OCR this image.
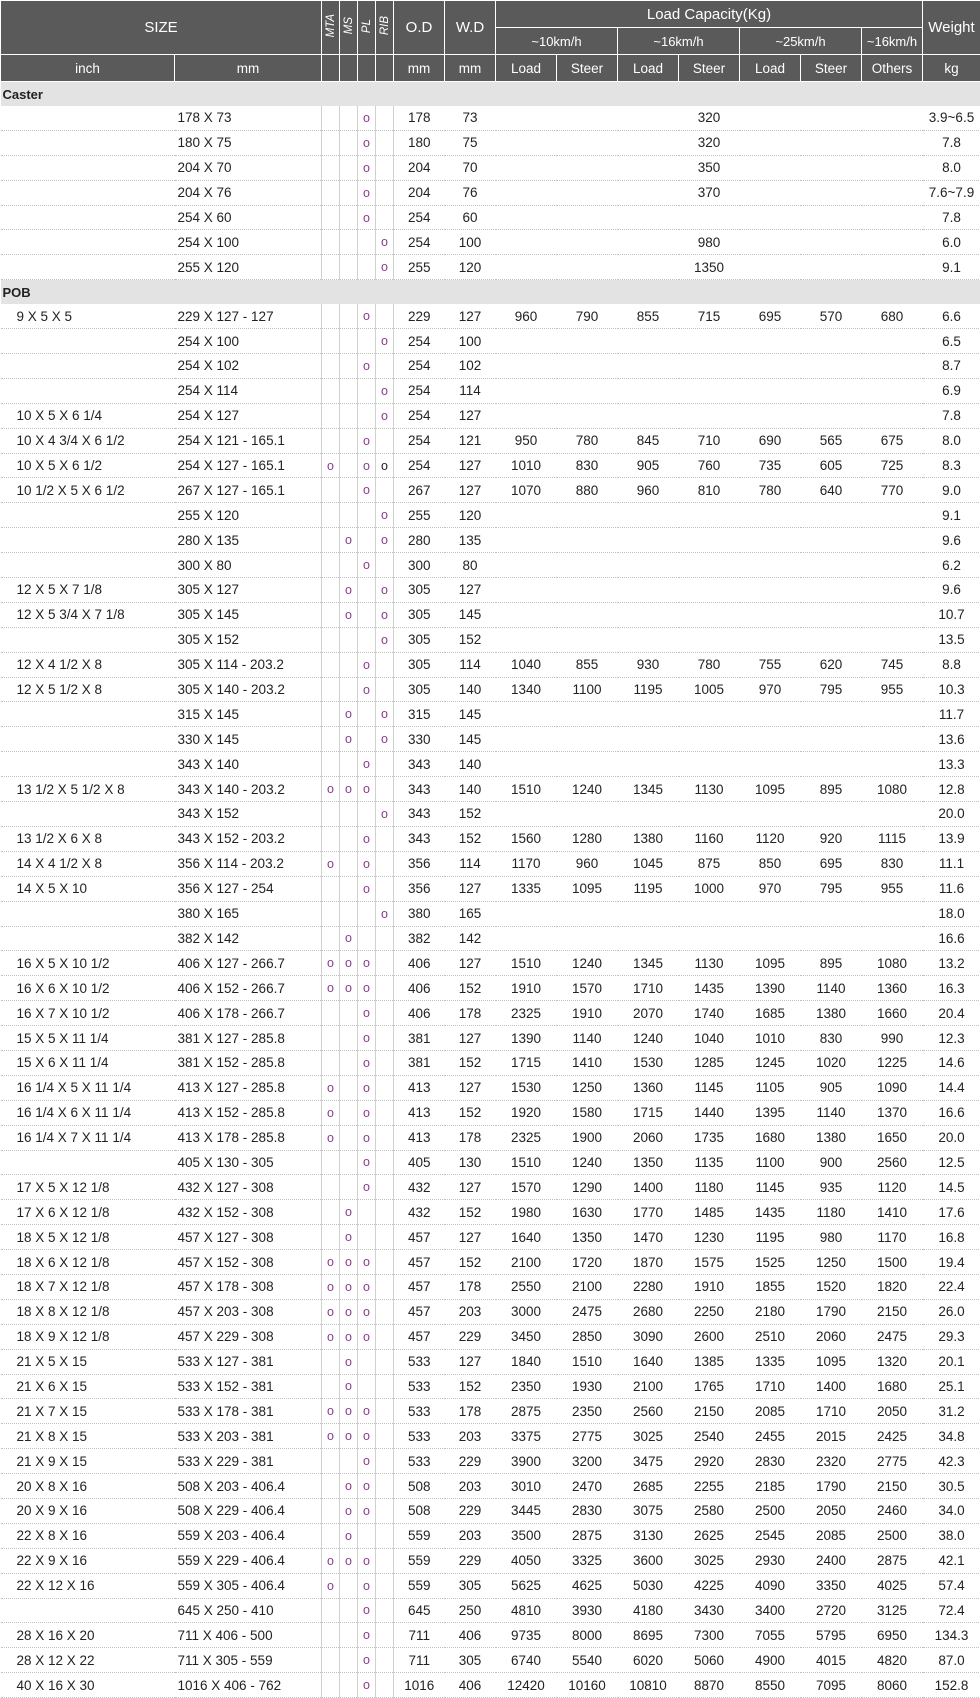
SIZE		MTA	MS	PL	RIB	O.D	W.D	Load Capacity(Kg)							Weight
								~10km/h		~16km/h		~25km/h		~16km/h	
inch	mm					mm	mm	Load	Steer	Load	Steer	Load	Steer	Others	kg
Caster															
	178 X 73			o		178	73				320				3.9~6.5
	180 X 75			o		180	75				320				7.8
	204 X 70			o		204	70				350				8.0
	204 X 76			o		204	76				370				7.6~7.9
	254 X 60			o		254	60								7.8
	254 X 100				o	254	100				980				6.0
	255 X 120				o	255	120				1350				9.1
POB															
9 X 5 X 5	229 X 127 - 127			o		229	127	960	790	855	715	695	570	680	6.6
	254 X 100				o	254	100								6.5
	254 X 102			o		254	102								8.7
	254 X 114				o	254	114								6.9
10 X 5 X 6 1/4	254 X 127				o	254	127								7.8
10 X 4 3/4 X 6 1/2	254 X 121 - 165.1			o		254	121	950	780	845	710	690	565	675	8.0
10 X 5 X 6 1/2	254 X 127 - 165.1	o		o	o	254	127	1010	830	905	760	735	605	725	8.3
10 1/2 X 5 X 6 1/2	267 X 127 - 165.1			o		267	127	1070	880	960	810	780	640	770	9.0
	255 X 120				o	255	120								9.1
	280 X 135		o		o	280	135								9.6
	300 X 80			o		300	80								6.2
12 X 5 X 7 1/8	305 X 127		o		o	305	127								9.6
12 X 5 3/4 X 7 1/8	305 X 145		o		o	305	145								10.7
	305 X 152				o	305	152								13.5
12 X 4 1/2 X 8	305 X 114 - 203.2			o		305	114	1040	855	930	780	755	620	745	8.8
12 X 5 1/2 X 8	305 X 140 - 203.2			o		305	140	1340	1100	1195	1005	970	795	955	10.3
	315 X 145		o		o	315	145								11.7
	330 X 145		o		o	330	145								13.6
	343 X 140			o		343	140								13.3
13 1/2 X 5 1/2 X 8	343 X 140 - 203.2	o	o	o		343	140	1510	1240	1345	1130	1095	895	1080	12.8
	343 X 152				o	343	152								20.0
13 1/2 X 6 X 8	343 X 152 - 203.2			o		343	152	1560	1280	1380	1160	1120	920	1115	13.9
14 X 4 1/2 X 8	356 X 114 - 203.2	o		o		356	114	1170	960	1045	875	850	695	830	11.1
14 X 5 X 10	356 X 127 - 254			o		356	127	1335	1095	1195	1000	970	795	955	11.6
	380 X 165				o	380	165								18.0
	382 X 142		o			382	142								16.6
16 X 5 X 10 1/2	406 X 127 - 266.7	o	o	o		406	127	1510	1240	1345	1130	1095	895	1080	13.2
16 X 6 X 10 1/2	406 X 152 - 266.7	o	o	o		406	152	1910	1570	1710	1435	1390	1140	1360	16.3
16 X 7 X 10 1/2	406 X 178 - 266.7			o		406	178	2325	1910	2070	1740	1685	1380	1660	20.4
15 X 5 X 11 1/4	381 X 127 - 285.8			o		381	127	1390	1140	1240	1040	1010	830	990	12.3
15 X 6 X 11 1/4	381 X 152 - 285.8			o		381	152	1715	1410	1530	1285	1245	1020	1225	14.6
16 1/4 X 5 X 11 1/4	413 X 127 - 285.8	o		o		413	127	1530	1250	1360	1145	1105	905	1090	14.4
16 1/4 X 6 X 11 1/4	413 X 152 - 285.8	o		o		413	152	1920	1580	1715	1440	1395	1140	1370	16.6
16 1/4 X 7 X 11 1/4	413 X 178 - 285.8	o		o		413	178	2325	1900	2060	1735	1680	1380	1650	20.0
	405 X 130 - 305			o		405	130	1510	1240	1350	1135	1100	900	2560	12.5
17 X 5 X 12 1/8	432 X 127 - 308			o		432	127	1570	1290	1400	1180	1145	935	1120	14.5
17 X 6 X 12 1/8	432 X 152 - 308		o			432	152	1980	1630	1770	1485	1435	1180	1410	17.6
18 X 5 X 12 1/8	457 X 127 - 308		o			457	127	1640	1350	1470	1230	1195	980	1170	16.8
18 X 6 X 12 1/8	457 X 152 - 308	o	o	o		457	152	2100	1720	1870	1575	1525	1250	1500	19.4
18 X 7 X 12 1/8	457 X 178 - 308	o	o	o		457	178	2550	2100	2280	1910	1855	1520	1820	22.4
18 X 8 X 12 1/8	457 X 203 - 308	o	o	o		457	203	3000	2475	2680	2250	2180	1790	2150	26.0
18 X 9 X 12 1/8	457 X 229 - 308	o	o	o		457	229	3450	2850	3090	2600	2510	2060	2475	29.3
21 X 5 X 15	533 X 127 - 381		o			533	127	1840	1510	1640	1385	1335	1095	1320	20.1
21 X 6 X 15	533 X 152 - 381		o			533	152	2350	1930	2100	1765	1710	1400	1680	25.1
21 X 7 X 15	533 X 178 - 381	o	o	o		533	178	2875	2350	2560	2150	2085	1710	2050	31.2
21 X 8 X 15	533 X 203 - 381	o	o	o		533	203	3375	2775	3025	2540	2455	2015	2425	34.8
21 X 9 X 15	533 X 229 - 381			o		533	229	3900	3200	3475	2920	2830	2320	2775	42.3
20 X 8 X 16	508 X 203 - 406.4		o	o		508	203	3010	2470	2685	2255	2185	1790	2150	30.5
20 X 9 X 16	508 X 229 - 406.4		o	o		508	229	3445	2830	3075	2580	2500	2050	2460	34.0
22 X 8 X 16	559 X 203 - 406.4		o			559	203	3500	2875	3130	2625	2545	2085	2500	38.0
22 X 9 X 16	559 X 229 - 406.4	o	o	o		559	229	4050	3325	3600	3025	2930	2400	2875	42.1
22 X 12 X 16	559 X 305 - 406.4	o		o		559	305	5625	4625	5030	4225	4090	3350	4025	57.4
	645 X 250 - 410			o		645	250	4810	3930	4180	3430	3400	2720	3125	72.4
28 X 16 X 20	711 X 406 - 500			o		711	406	9735	8000	8695	7300	7055	5795	6950	134.3
28 X 12 X 22	711 X 305 - 559			o		711	305	6740	5540	6020	5060	4900	4015	4820	87.0
40 X 16 X 30	1016 X 406 - 762			o		1016	406	12420	10160	10810	8870	8550	7095	8060	152.8
